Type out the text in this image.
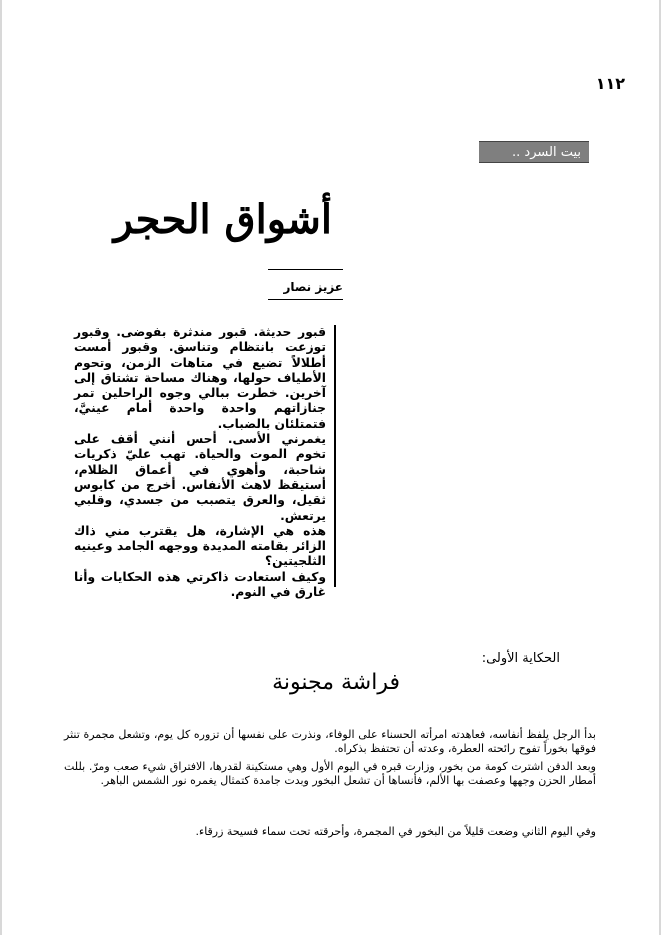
١١٢
بيت السرد ..
أشواق الحجر
عزيز نصار

قبور حديثة. قبور مندثرة بفوضى. وقبور توزعت بانتظام وتناسق. وقبور أمست أطلالاً تضيع في متاهات الزمن، وتحوم الأطياف حولها، وهناك مساحة تشتاق إلى آخرين. خطرت ببالي وجوه الراحلين تمر جنازاتهم واحدة واحدة أمام عينيَّ، فتمتلئان بالضباب.

يغمرني الأسى. أحس أنني أقف على تخوم الموت والحياة. تهب عليّ ذكريات شاحبة، وأهوي في أعماق الظلام، أستيقظ لاهث الأنفاس. أخرج من كابوس ثقيل، والعرق يتصبب من جسدي، وقلبي يرتعش.

هذه هي الإشارة، هل يقترب مني ذاك الزائر بقامته المديدة ووجهه الجامد وعينيه الثلجيتين؟

وكيف استعادت ذاكرتي هذه الحكايات وأنا غارق في النوم.

الحكاية الأولى:
فراشة مجنونة

بدأ الرجل يلفظ أنفاسه، فعاهدته امرأته الحسناء على الوفاء، ونذرت على نفسها أن تزوره كل يوم، وتشعل مجمرة تنثر فوقها بخوراً تفوح رائحته العطرة، وعدته أن تحتفظ بذكراه.

وبعد الدفن اشترت كومة من بخور، وزارت قبره في اليوم الأول وهي مستكينة لقدرها، الافتراق شيء صعب ومرّ. بللت أمطار الحزن وجهها وعصفت بها الألم، فأنساها أن تشعل البخور وبدت جامدة كتمثال يغمره نور الشمس الباهر.

وفي اليوم الثاني وضعت قليلاً من البخور في المجمرة، وأحرقته تحت سماء فسيحة زرقاء.
